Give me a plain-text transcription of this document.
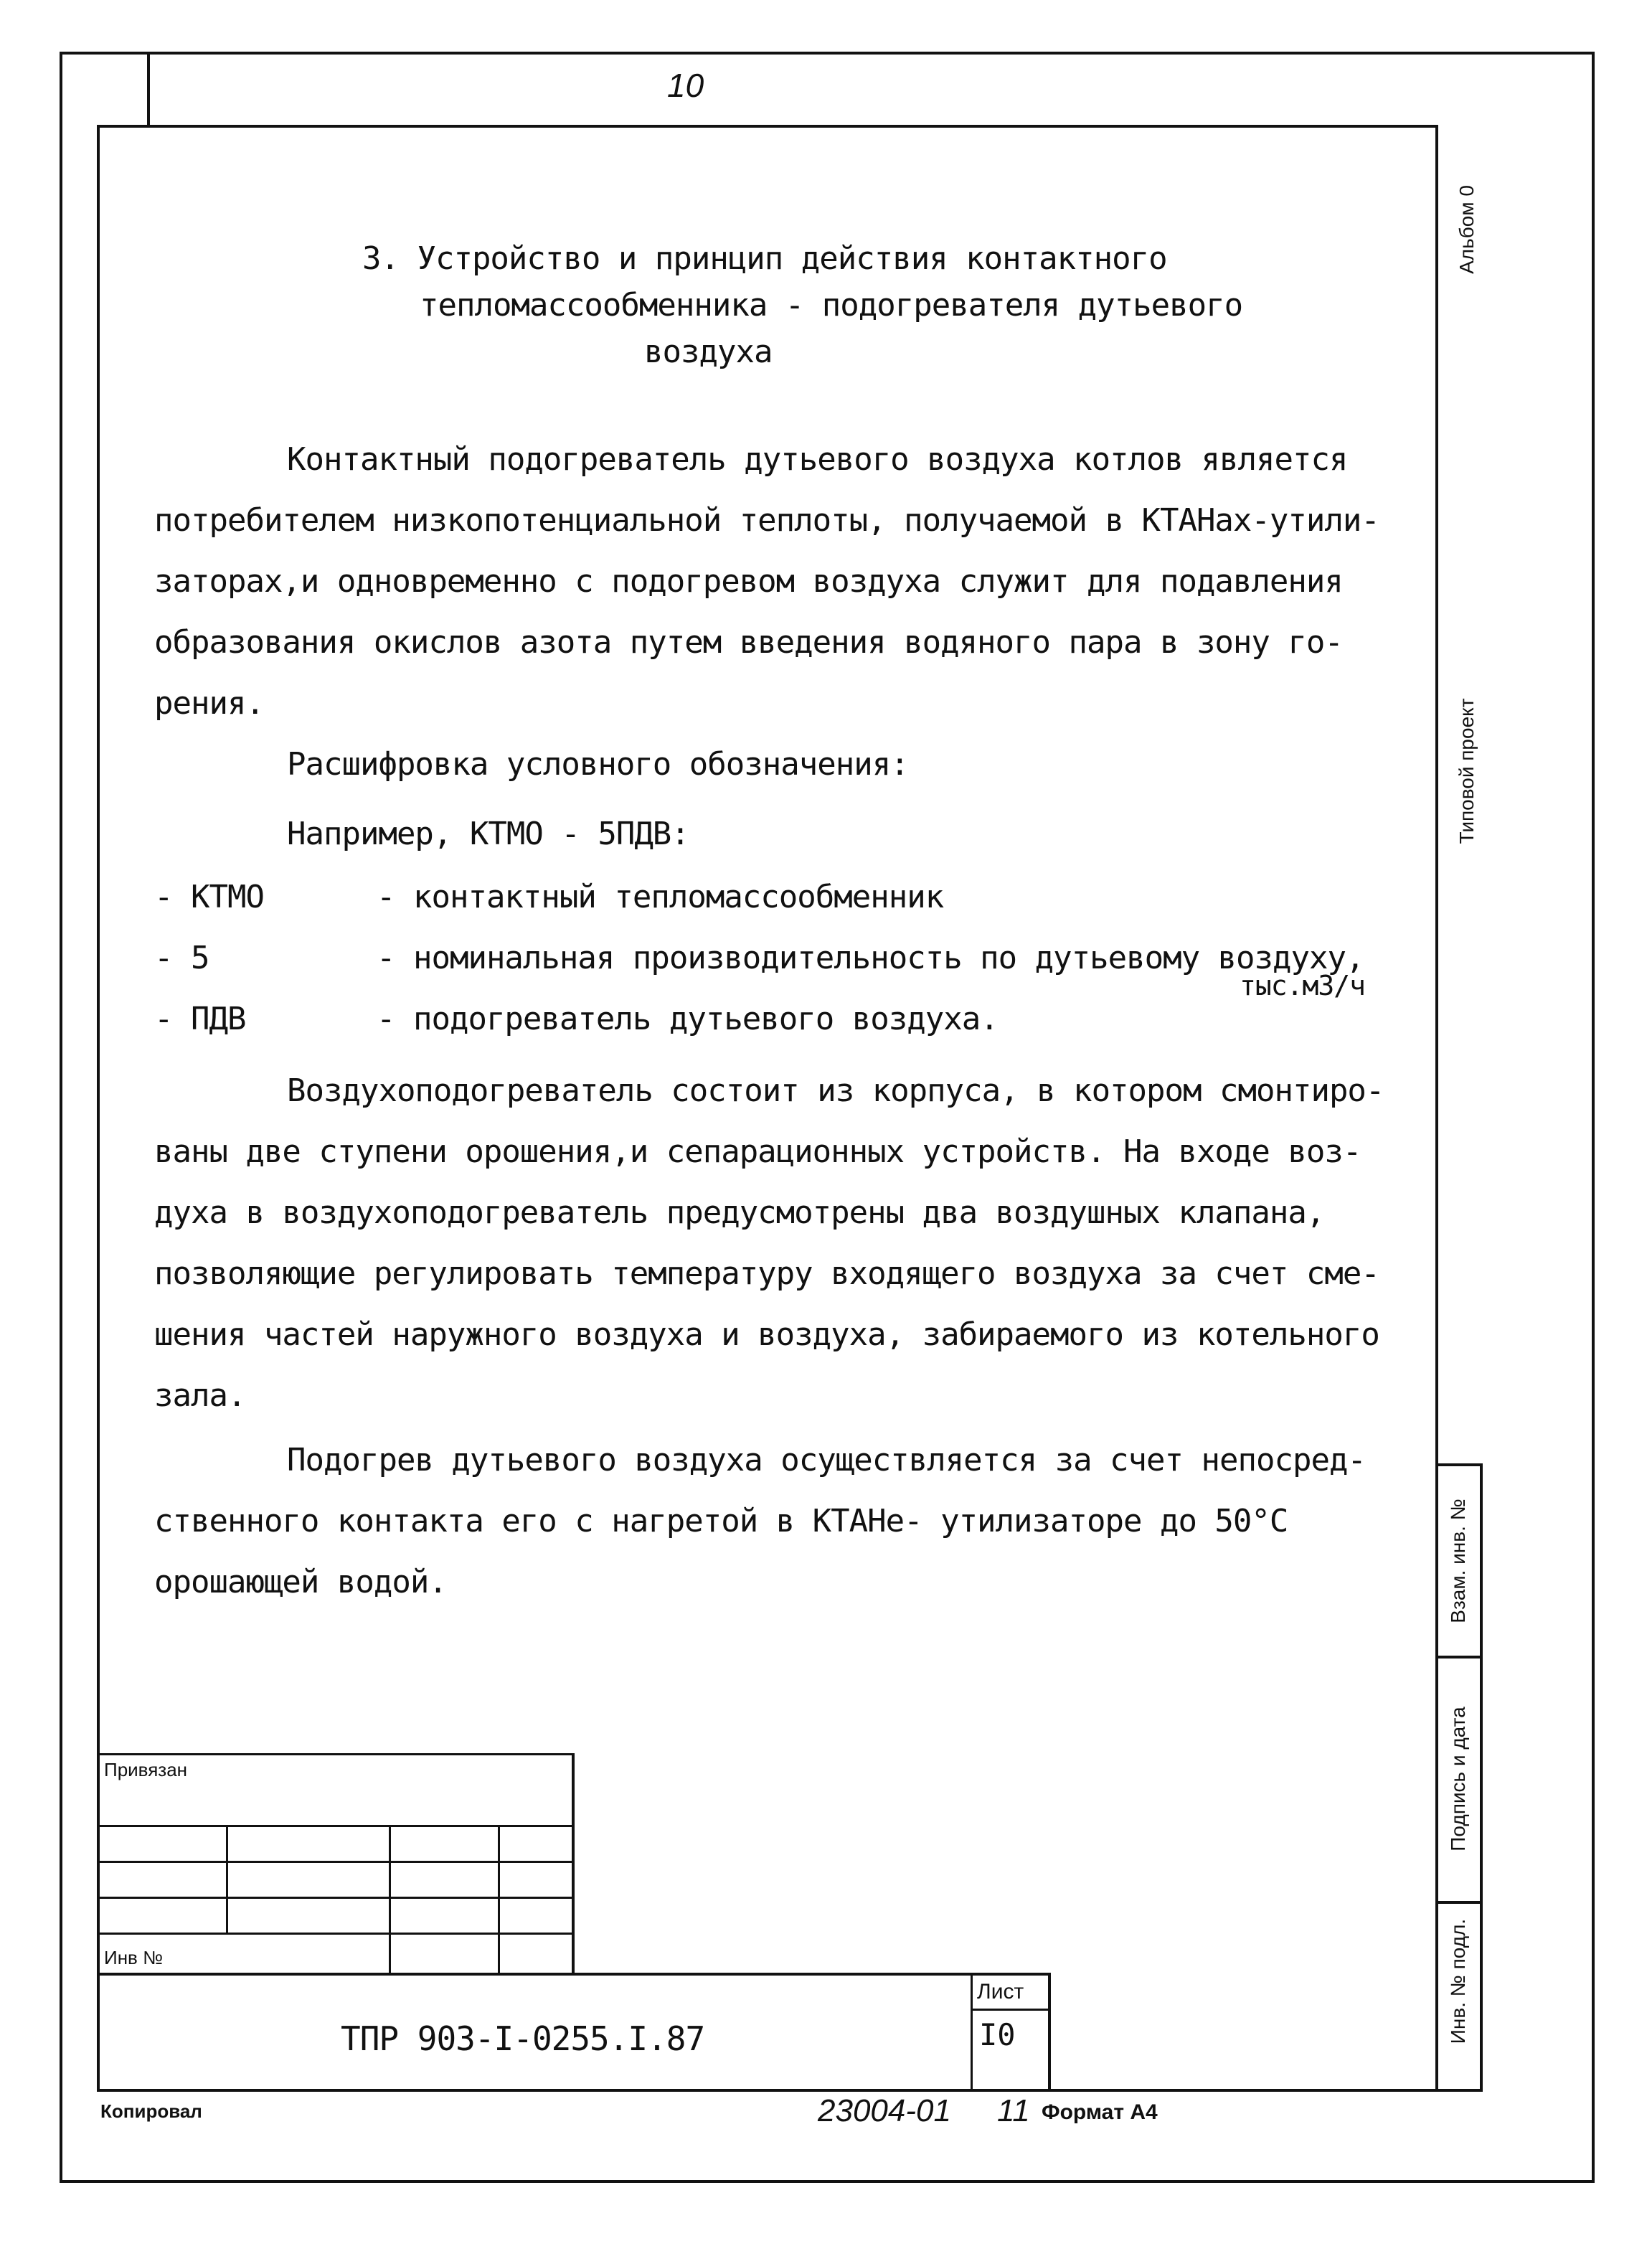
10
3. Устройство и принцип действия контактного
тепломассообменника - подогревателя дутьевого
воздуха
Контактный подогреватель дутьевого воздуха котлов является
потребителем низкопотенциальной теплоты, получаемой в КТАНах-утили-
заторах,и одновременно с подогревом воздуха служит для подавления
образования окислов азота путем введения водяного пара в зону го-
рения.
Расшифровка условного обозначения:
Например, КТМО - 5ПДВ:
- КТМО	- контактный тепломассообменник
- 5	- номинальная производительность по дутьевому воздуху,
тыс.м3/ч
- ПДВ	- подогреватель дутьевого воздуха.
Воздухоподогреватель состоит из корпуса, в котором смонтиро-
ваны две ступени орошения,и сепарационных устройств. На входе воз-
духа в воздухоподогреватель предусмотрены два воздушных клапана,
позволяющие регулировать температуру входящего воздуха за счет сме-
шения частей наружного воздуха и воздуха, забираемого из котельного
зала.
Подогрев дутьевого воздуха осуществляется за счет непосред-
ственного контакта его с нагретой в КТАНе- утилизаторе до 50°С
орошающей водой.
Альбом 0
Типовой проект
Взам. инв. №
Подпись и дата
Инв. № подл.
Привязан
Инв №
ТПР 903-I-0255.I.87
Лист
I0
Копировал	23004-01 11 Формат А4
